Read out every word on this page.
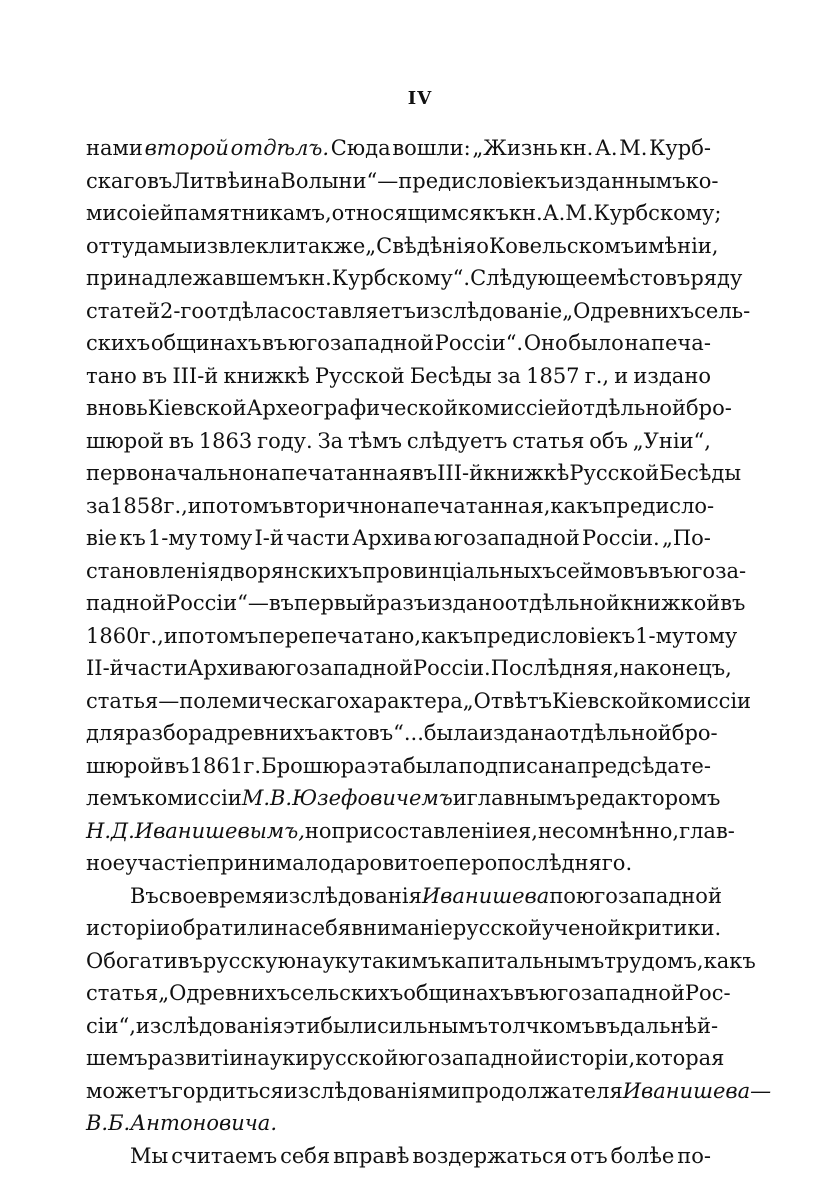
IV
нами второй отдѣлъ. Сюда вошли: „Жизнь кн. А. М. Курб-
скаго въ Литвѣ и на Волыни“ —предисловіе къ изданнымъ ко-
мисоіей памятникамъ, относящимся къ кн. А. М. Курбскому;
оттуда мы извлекли также „Свѣдѣнія о Ковельскомъ имѣніи,
принадлежавшемъ кн. Курбскому“. Слѣдующее мѣсто въ ряду
статей 2-го отдѣла составляетъ изслѣдованіе „О древнихъ сель-
скихъ общинахъ въ югозападной Россіи“. Оно было напеча-
тано въ III-й книжкѣ Русской Бесѣды за 1857 г., и издано
вновь Кіевской Археографической комиссіей отдѣльной бро-
шюрой въ 1863 году. За тѣмъ слѣдуетъ статья объ „Уніи“,
первоначально напечатанная въ III-й книжкѣ Русской Бесѣды
за 1858 г., и потомъ вторично напечатанная, какъ предисло-
віе къ 1-му тому I-й части Архива югозападной Россіи. „По-
становленія дворянскихъ провинціальныхъ сеймовъ въ югоза-
падной Россіи“—въ первый разъ издано отдѣльной книжкой въ
1860 г., и потомъ перепечатано, какъ предисловіе къ 1-му тому
II-й части Архива югозападной Россіи. Послѣдняя, наконецъ,
статья—полемическаго характера „Отвѣтъ Кіевской комиссіи
для разбора древнихъ актовъ“... была издана отдѣльной бро-
шюрой въ 1861 г. Брошюра эта была подписана предсѣдате-
лемъ комиссіи М. В. Юзефовичемъ и главнымъ редакторомъ
Н. Д. Иванишевымъ, но при составленіи ея, несомнѣнно, глав-
ное участіе принимало даровитое перо послѣдняго.
Въ свое время изслѣдованія Иванишева по югозападной
исторіи обратили на себя вниманіе русской ученой критики.
Обогативъ русскую науку такимъ капитальнымъ трудомъ, какъ
статья „О древнихъ сельскихъ общинахъ въ югозападной Рос-
сіи“, изслѣдованія эти были сильнымъ толчкомъ въ дальнѣй-
шемъ развитіи науки русской югозападной исторіи, которая
можетъ гордиться изслѣдованіями продолжателя Иванишева—
В. Б. Антоновича.
Мы считаемъ себя вправѣ воздержаться отъ болѣе по-
